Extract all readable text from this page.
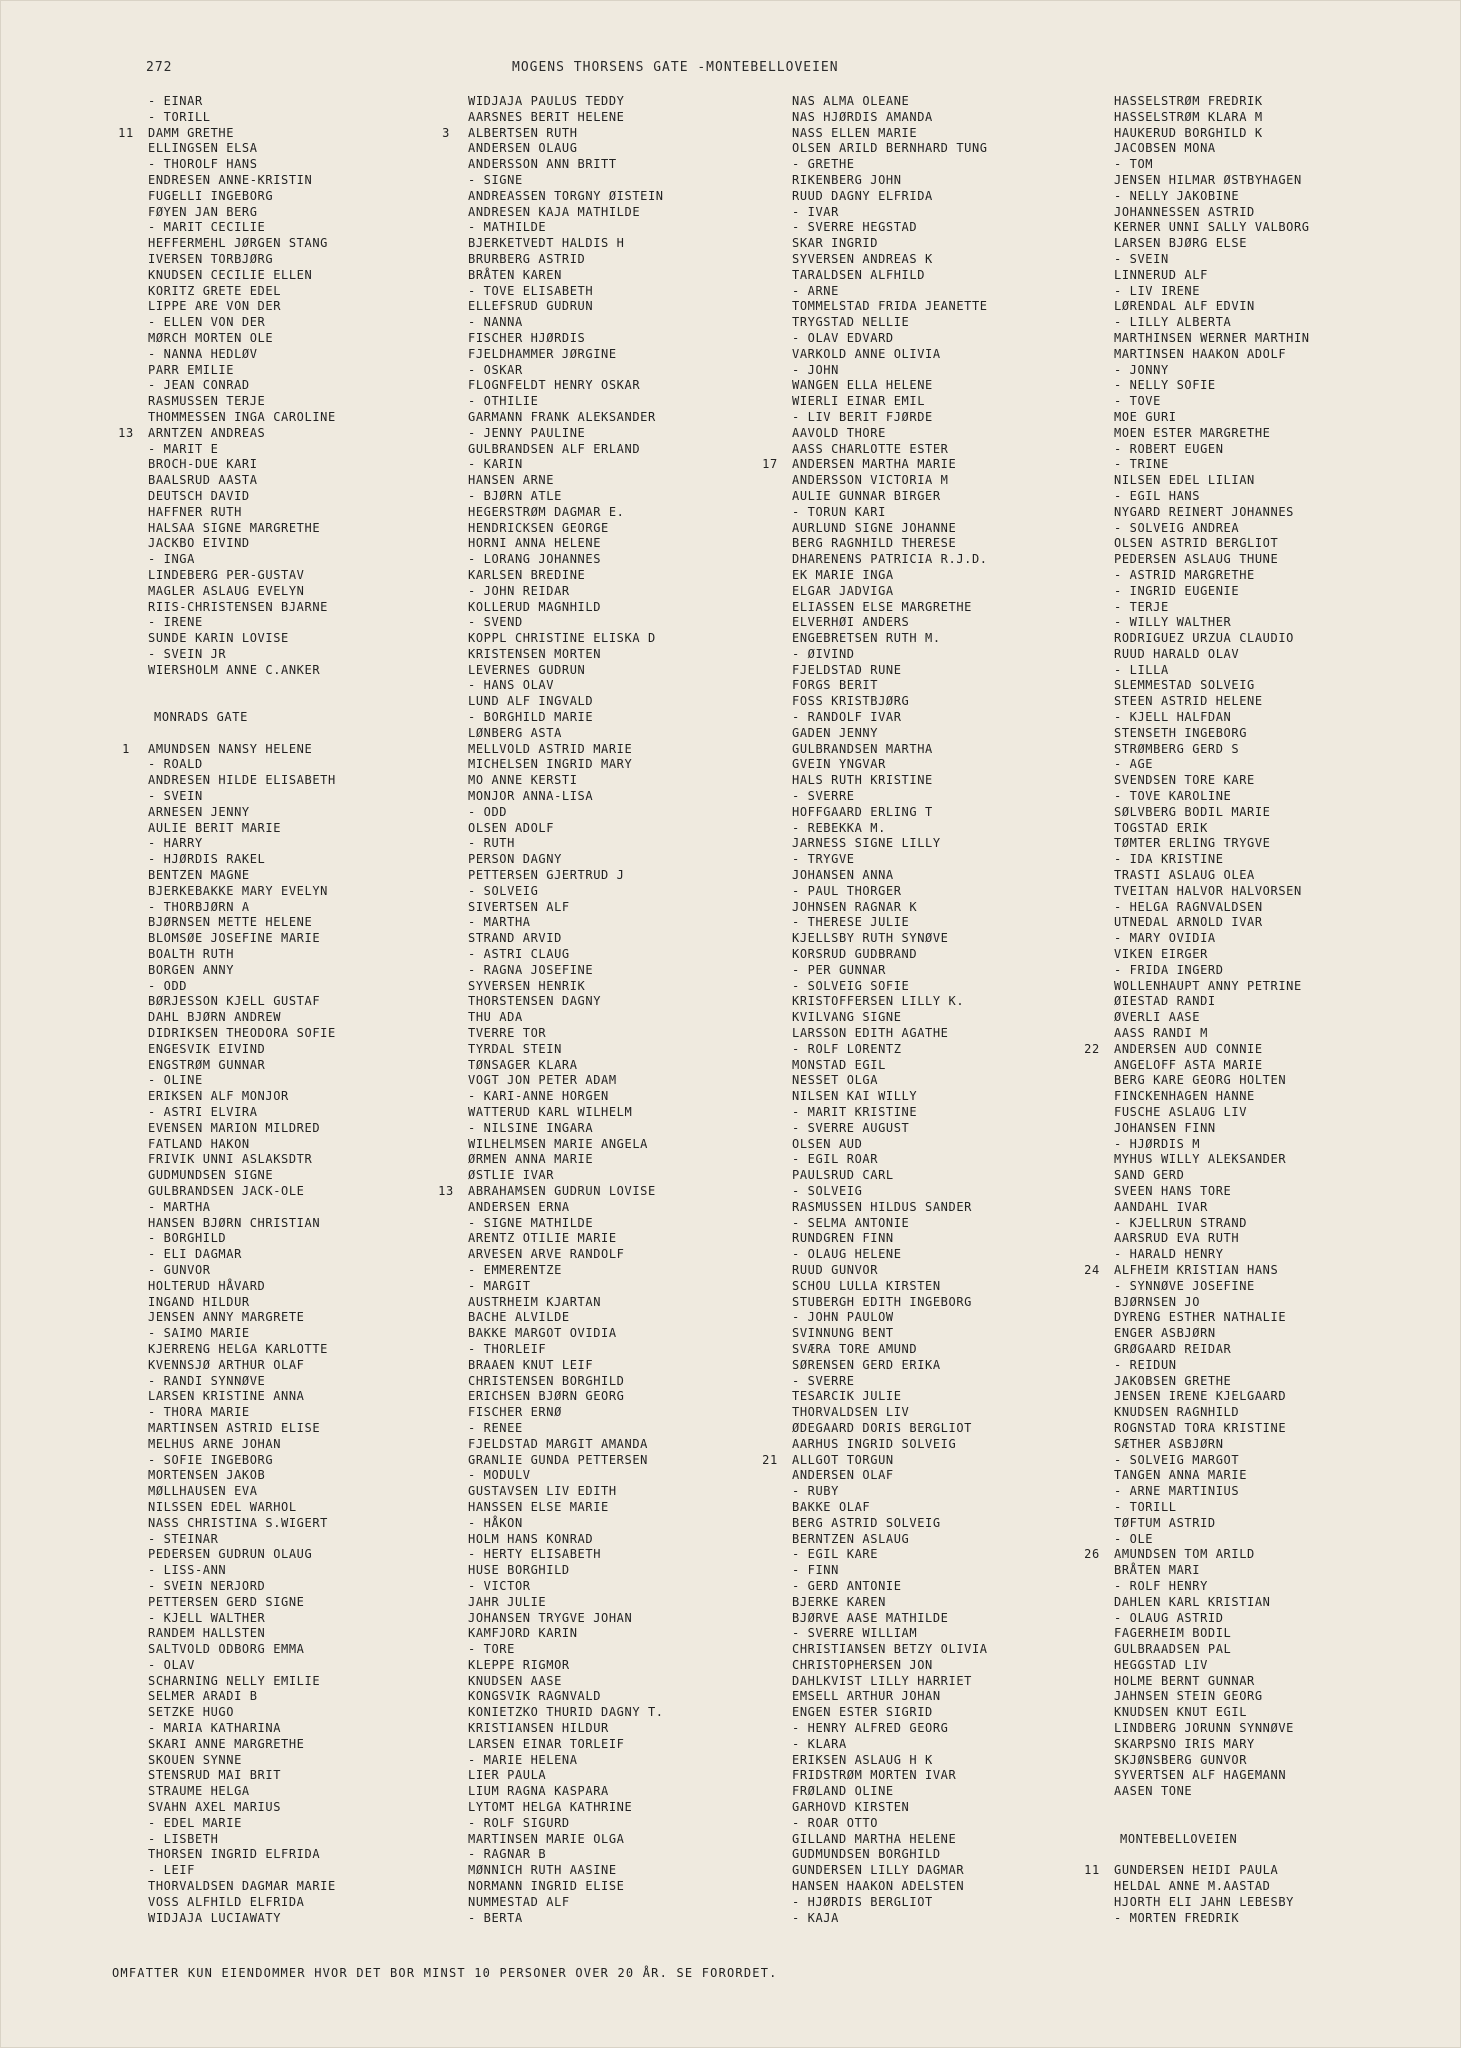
272	MOGENS THORSENS GATE -MONTEBELLOVEIEN
- EINAR
- TORILL
11	DAMM GRETHE
ELLINGSEN ELSA
- THOROLF HANS
ENDRESEN ANNE-KRISTIN
FUGELLI INGEBORG
FØYEN JAN BERG
- MARIT CECILIE
HEFFERMEHL JØRGEN STANG
IVERSEN TORBJØRG
KNUDSEN CECILIE ELLEN
KORITZ GRETE EDEL
LIPPE ARE VON DER
- ELLEN VON DER
MØRCH MORTEN OLE
- NANNA HEDLØV
PARR EMILIE
- JEAN CONRAD
RASMUSSEN TERJE
THOMMESSEN INGA CAROLINE
13	ARNTZEN ANDREAS
- MARIT E
BROCH-DUE KARI
BAALSRUD AASTA
DEUTSCH DAVID
HAFFNER RUTH
HALSAA SIGNE MARGRETHE
JACKBO EIVIND
- INGA
LINDEBERG PER-GUSTAV
MAGLER ASLAUG EVELYN
RIIS-CHRISTENSEN BJARNE
- IRENE
SUNDE KARIN LOVISE
- SVEIN JR
WIERSHOLM ANNE C.ANKER
MONRADS GATE
1	AMUNDSEN NANSY HELENE
- ROALD
ANDRESEN HILDE ELISABETH
- SVEIN
ARNESEN JENNY
AULIE BERIT MARIE
- HARRY
- HJØRDIS RAKEL
BENTZEN MAGNE
BJERKEBAKKE MARY EVELYN
- THORBJØRN A
BJØRNSEN METTE HELENE
BLOMSØE JOSEFINE MARIE
BOALTH RUTH
BORGEN ANNY
- ODD
BØRJESSON KJELL GUSTAF
DAHL BJØRN ANDREW
DIDRIKSEN THEODORA SOFIE
ENGESVIK EIVIND
ENGSTRØM GUNNAR
- OLINE
ERIKSEN ALF MONJOR
- ASTRI ELVIRA
EVENSEN MARION MILDRED
FATLAND HAKON
FRIVIK UNNI ASLAKSDTR
GUDMUNDSEN SIGNE
GULBRANDSEN JACK-OLE
- MARTHA
HANSEN BJØRN CHRISTIAN
- BORGHILD
- ELI DAGMAR
- GUNVOR
HOLTERUD HÅVARD
INGAND HILDUR
JENSEN ANNY MARGRETE
- SAIMO MARIE
KJERRENG HELGA KARLOTTE
KVENNSJØ ARTHUR OLAF
- RANDI SYNNØVE
LARSEN KRISTINE ANNA
- THORA MARIE
MARTINSEN ASTRID ELISE
MELHUS ARNE JOHAN
- SOFIE INGEBORG
MORTENSEN JAKOB
MØLLHAUSEN EVA
NILSSEN EDEL WARHOL
NASS CHRISTINA S.WIGERT
- STEINAR
PEDERSEN GUDRUN OLAUG
- LISS-ANN
- SVEIN NERJORD
PETTERSEN GERD SIGNE
- KJELL WALTHER
RANDEM HALLSTEN
SALTVOLD ODBORG EMMA
- OLAV
SCHARNING NELLY EMILIE
SELMER ARADI B
SETZKE HUGO
- MARIA KATHARINA
SKARI ANNE MARGRETHE
SKOUEN SYNNE
STENSRUD MAI BRIT
STRAUME HELGA
SVAHN AXEL MARIUS
- EDEL MARIE
- LISBETH
THORSEN INGRID ELFRIDA
- LEIF
THORVALDSEN DAGMAR MARIE
VOSS ALFHILD ELFRIDA
WIDJAJA LUCIAWATY
WIDJAJA PAULUS TEDDY
AARSNES BERIT HELENE
3	ALBERTSEN RUTH
ANDERSEN OLAUG
ANDERSSON ANN BRITT
- SIGNE
ANDREASSEN TORGNY ØISTEIN
ANDRESEN KAJA MATHILDE
- MATHILDE
BJERKETVEDT HALDIS H
BRURBERG ASTRID
BRÅTEN KAREN
- TOVE ELISABETH
ELLEFSRUD GUDRUN
- NANNA
FISCHER HJØRDIS
FJELDHAMMER JØRGINE
- OSKAR
FLOGNFELDT HENRY OSKAR
- OTHILIE
GARMANN FRANK ALEKSANDER
- JENNY PAULINE
GULBRANDSEN ALF ERLAND
- KARIN
HANSEN ARNE
- BJØRN ATLE
HEGERSTRØM DAGMAR E.
HENDRICKSEN GEORGE
HORNI ANNA HELENE
- LORANG JOHANNES
KARLSEN BREDINE
- JOHN REIDAR
KOLLERUD MAGNHILD
- SVEND
KOPPL CHRISTINE ELISKA D
KRISTENSEN MORTEN
LEVERNES GUDRUN
- HANS OLAV
LUND ALF INGVALD
- BORGHILD MARIE
LØNBERG ASTA
MELLVOLD ASTRID MARIE
MICHELSEN INGRID MARY
MO ANNE KERSTI
MONJOR ANNA-LISA
- ODD
OLSEN ADOLF
- RUTH
PERSON DAGNY
PETTERSEN GJERTRUD J
- SOLVEIG
SIVERTSEN ALF
- MARTHA
STRAND ARVID
- ASTRI CLAUG
- RAGNA JOSEFINE
SYVERSEN HENRIK
THORSTENSEN DAGNY
THU ADA
TVERRE TOR
TYRDAL STEIN
TØNSAGER KLARA
VOGT JON PETER ADAM
- KARI-ANNE HORGEN
WATTERUD KARL WILHELM
- NILSINE INGARA
WILHELMSEN MARIE ANGELA
ØRMEN ANNA MARIE
ØSTLIE IVAR
13	ABRAHAMSEN GUDRUN LOVISE
ANDERSEN ERNA
- SIGNE MATHILDE
ARENTZ OTILIE MARIE
ARVESEN ARVE RANDOLF
- EMMERENTZE
- MARGIT
AUSTRHEIM KJARTAN
BACHE ALVILDE
BAKKE MARGOT OVIDIA
- THORLEIF
BRAAEN KNUT LEIF
CHRISTENSEN BORGHILD
ERICHSEN BJØRN GEORG
FISCHER ERNØ
- RENEE
FJELDSTAD MARGIT AMANDA
GRANLIE GUNDA PETTERSEN
- MODULV
GUSTAVSEN LIV EDITH
HANSSEN ELSE MARIE
- HÅKON
HOLM HANS KONRAD
- HERTY ELISABETH
HUSE BORGHILD
- VICTOR
JAHR JULIE
JOHANSEN TRYGVE JOHAN
KAMFJORD KARIN
- TORE
KLEPPE RIGMOR
KNUDSEN AASE
KONGSVIK RAGNVALD
KONIETZKO THURID DAGNY T.
KRISTIANSEN HILDUR
LARSEN EINAR TORLEIF
- MARIE HELENA
LIER PAULA
LIUM RAGNA KASPARA
LYTOMT HELGA KATHRINE
- ROLF SIGURD
MARTINSEN MARIE OLGA
- RAGNAR B
MØNNICH RUTH AASINE
NORMANN INGRID ELISE
NUMMESTAD ALF
- BERTA
NAS ALMA OLEANE
NAS HJØRDIS AMANDA
NASS ELLEN MARIE
OLSEN ARILD BERNHARD TUNG
- GRETHE
RIKENBERG JOHN
RUUD DAGNY ELFRIDA
- IVAR
- SVERRE HEGSTAD
SKAR INGRID
SYVERSEN ANDREAS K
TARALDSEN ALFHILD
- ARNE
TOMMELSTAD FRIDA JEANETTE
TRYGSTAD NELLIE
- OLAV EDVARD
VARKOLD ANNE OLIVIA
- JOHN
WANGEN ELLA HELENE
WIERLI EINAR EMIL
- LIV BERIT FJØRDE
AAVOLD THORE
AASS CHARLOTTE ESTER
17	ANDERSEN MARTHA MARIE
ANDERSSON VICTORIA M
AULIE GUNNAR BIRGER
- TORUN KARI
AURLUND SIGNE JOHANNE
BERG RAGNHILD THERESE
DHARENENS PATRICIA R.J.D.
EK MARIE INGA
ELGAR JADVIGA
ELIASSEN ELSE MARGRETHE
ELVERHØI ANDERS
ENGEBRETSEN RUTH M.
- ØIVIND
FJELDSTAD RUNE
FORGS BERIT
FOSS KRISTBJØRG
- RANDOLF IVAR
GADEN JENNY
GULBRANDSEN MARTHA
GVEIN YNGVAR
HALS RUTH KRISTINE
- SVERRE
HOFFGAARD ERLING T
- REBEKKA M.
JARNESS SIGNE LILLY
- TRYGVE
JOHANSEN ANNA
- PAUL THORGER
JOHNSEN RAGNAR K
- THERESE JULIE
KJELLSBY RUTH SYNØVE
KORSRUD GUDBRAND
- PER GUNNAR
- SOLVEIG SOFIE
KRISTOFFERSEN LILLY K.
KVILVANG SIGNE
LARSSON EDITH AGATHE
- ROLF LORENTZ
MONSTAD EGIL
NESSET OLGA
NILSEN KAI WILLY
- MARIT KRISTINE
- SVERRE AUGUST
OLSEN AUD
- EGIL ROAR
PAULSRUD CARL
- SOLVEIG
RASMUSSEN HILDUS SANDER
- SELMA ANTONIE
RUNDGREN FINN
- OLAUG HELENE
RUUD GUNVOR
SCHOU LULLA KIRSTEN
STUBERGH EDITH INGEBORG
- JOHN PAULOW
SVINNUNG BENT
SVÆRA TORE AMUND
SØRENSEN GERD ERIKA
- SVERRE
TESARCIK JULIE
THORVALDSEN LIV
ØDEGAARD DORIS BERGLIOT
AARHUS INGRID SOLVEIG
21	ALLGOT TORGUN
ANDERSEN OLAF
- RUBY
BAKKE OLAF
BERG ASTRID SOLVEIG
BERNTZEN ASLAUG
- EGIL KARE
- FINN
- GERD ANTONIE
BJERKE KAREN
BJØRVE AASE MATHILDE
- SVERRE WILLIAM
CHRISTIANSEN BETZY OLIVIA
CHRISTOPHERSEN JON
DAHLKVIST LILLY HARRIET
EMSELL ARTHUR JOHAN
ENGEN ESTER SIGRID
- HENRY ALFRED GEORG
- KLARA
ERIKSEN ASLAUG H K
FRIDSTRØM MORTEN IVAR
FRØLAND OLINE
GARHOVD KIRSTEN
- ROAR OTTO
GILLAND MARTHA HELENE
GUDMUNDSEN BORGHILD
GUNDERSEN LILLY DAGMAR
HANSEN HAAKON ADELSTEN
- HJØRDIS BERGLIOT
- KAJA
HASSELSTRØM FREDRIK
HASSELSTRØM KLARA M
HAUKERUD BORGHILD K
JACOBSEN MONA
- TOM
JENSEN HILMAR ØSTBYHAGEN
- NELLY JAKOBINE
JOHANNESSEN ASTRID
KERNER UNNI SALLY VALBORG
LARSEN BJØRG ELSE
- SVEIN
LINNERUD ALF
- LIV IRENE
LØRENDAL ALF EDVIN
- LILLY ALBERTA
MARTHINSEN WERNER MARTHIN
MARTINSEN HAAKON ADOLF
- JONNY
- NELLY SOFIE
- TOVE
MOE GURI
MOEN ESTER MARGRETHE
- ROBERT EUGEN
- TRINE
NILSEN EDEL LILIAN
- EGIL HANS
NYGARD REINERT JOHANNES
- SOLVEIG ANDREA
OLSEN ASTRID BERGLIOT
PEDERSEN ASLAUG THUNE
- ASTRID MARGRETHE
- INGRID EUGENIE
- TERJE
- WILLY WALTHER
RODRIGUEZ URZUA CLAUDIO
RUUD HARALD OLAV
- LILLA
SLEMMESTAD SOLVEIG
STEEN ASTRID HELENE
- KJELL HALFDAN
STENSETH INGEBORG
STRØMBERG GERD S
- AGE
SVENDSEN TORE KARE
- TOVE KAROLINE
SØLVBERG BODIL MARIE
TOGSTAD ERIK
TØMTER ERLING TRYGVE
- IDA KRISTINE
TRASTI ASLAUG OLEA
TVEITAN HALVOR HALVORSEN
- HELGA RAGNVALDSEN
UTNEDAL ARNOLD IVAR
- MARY OVIDIA
VIKEN EIRGER
- FRIDA INGERD
WOLLENHAUPT ANNY PETRINE
ØIESTAD RANDI
ØVERLI AASE
AASS RANDI M
22	ANDERSEN AUD CONNIE
ANGELOFF ASTA MARIE
BERG KARE GEORG HOLTEN
FINCKENHAGEN HANNE
FUSCHE ASLAUG LIV
JOHANSEN FINN
- HJØRDIS M
MYHUS WILLY ALEKSANDER
SAND GERD
SVEEN HANS TORE
AANDAHL IVAR
- KJELLRUN STRAND
AARSRUD EVA RUTH
- HARALD HENRY
24	ALFHEIM KRISTIAN HANS
- SYNNØVE JOSEFINE
BJØRNSEN JO
DYRENG ESTHER NATHALIE
ENGER ASBJØRN
GRØGAARD REIDAR
- REIDUN
JAKOBSEN GRETHE
JENSEN IRENE KJELGAARD
KNUDSEN RAGNHILD
ROGNSTAD TORA KRISTINE
SÆTHER ASBJØRN
- SOLVEIG MARGOT
TANGEN ANNA MARIE
- ARNE MARTINIUS
- TORILL
TØFTUM ASTRID
- OLE
26	AMUNDSEN TOM ARILD
BRÅTEN MARI
- ROLF HENRY
DAHLEN KARL KRISTIAN
- OLAUG ASTRID
FAGERHEIM BODIL
GULBRAADSEN PAL
HEGGSTAD LIV
HOLME BERNT GUNNAR
JAHNSEN STEIN GEORG
KNUDSEN KNUT EGIL
LINDBERG JORUNN SYNNØVE
SKARPSNO IRIS MARY
SKJØNSBERG GUNVOR
SYVERTSEN ALF HAGEMANN
AASEN TONE
MONTEBELLOVEIEN
11	GUNDERSEN HEIDI PAULA
HELDAL ANNE M.AASTAD
HJORTH ELI JAHN LEBESBY
- MORTEN FREDRIK
OMFATTER KUN EIENDOMMER HVOR DET BOR MINST 10 PERSONER OVER 20 ÅR. SE FORORDET.
